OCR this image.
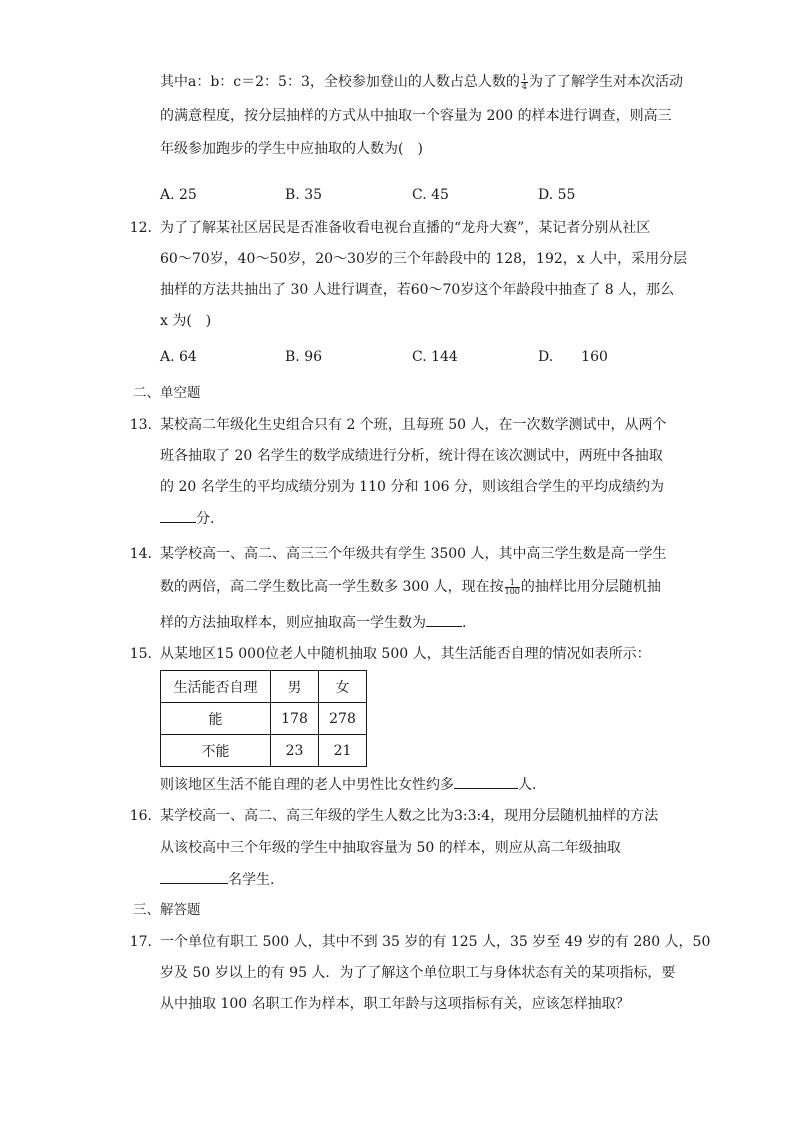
其中a：b：c＝2：5：3，全校参加登山的人数占总人数的 $\frac{1}{4}$ 为了了解学生对本次活动
的满意程度，按分层抽样的方式从中抽取一个容量为 200 的样本进行调查，则高三
年级参加跑步的学生中应抽取的人数为(　)
A. 25	B. 35	C. 45	D. 55
12. 为了了解某社区居民是否准备收看电视台直播的“龙舟大赛”，某记者分别从社区
60～70岁，40～50岁，20～30岁的三个年龄段中的 128，192，x 人中，采用分层
抽样的方法共抽出了 30 人进行调查，若60～70岁这个年龄段中抽查了 8 人，那么
x 为(　)
A. 64	B. 96	C. 144	D.　　160
二、单空题
13. 某校高二年级化生史组合只有 2 个班，且每班 50 人，在一次数学测试中，从两个
班各抽取了 20 名学生的数学成绩进行分析，统计得在该次测试中，两班中各抽取
的 20 名学生的平均成绩分别为 110 分和 106 分，则该组合学生的平均成绩约为
分.
14. 某学校高一、高二、高三三个年级共有学生 3500 人，其中高三学生数是高一学生
数的两倍，高二学生数比高一学生数多 300 人，现在按 $\frac{1}{100}$ 的抽样比用分层随机抽
样的方法抽取样本，则应抽取高一学生数为	.
15. 从某地区15 000位老人中随机抽取 500 人，其生活能否自理的情况如表所示：
生活能否自理	男	女
能	178	278
不能	23	21
则该地区生活不能自理的老人中男性比女性约多	人.
16. 某学校高一、高二、高三年级的学生人数之比为3:3:4，现用分层随机抽样的方法
从该校高中三个年级的学生中抽取容量为 50 的样本，则应从高二年级抽取
名学生.
三、解答题
17. 一个单位有职工 500 人，其中不到 35 岁的有 125 人，35 岁至 49 岁的有 280 人，50
岁及 50 岁以上的有 95 人．为了了解这个单位职工与身体状态有关的某项指标，要
从中抽取 100 名职工作为样本，职工年龄与这项指标有关，应该怎样抽取？
